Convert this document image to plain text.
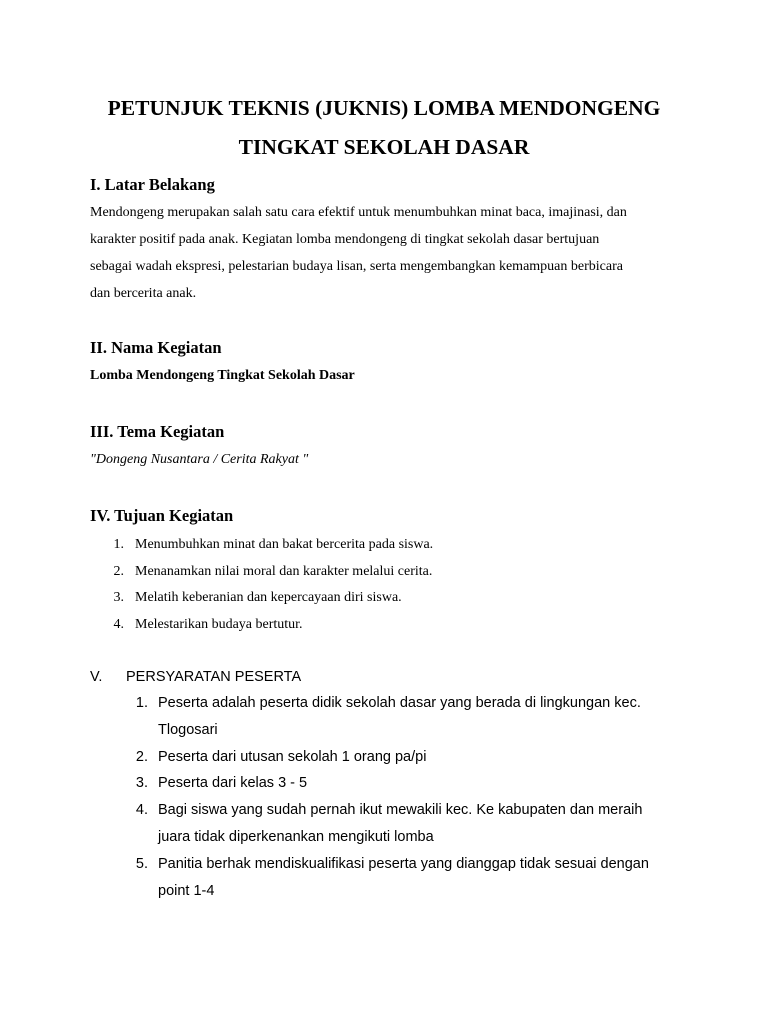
PETUNJUK TEKNIS (JUKNIS) LOMBA MENDONGENG
TINGKAT SEKOLAH DASAR
I. Latar Belakang

Mendongeng merupakan salah satu cara efektif untuk menumbuhkan minat baca, imajinasi, dan
karakter positif pada anak. Kegiatan lomba mendongeng di tingkat sekolah dasar bertujuan
sebagai wadah ekspresi, pelestarian budaya lisan, serta mengembangkan kemampuan berbicara
dan bercerita anak.

II. Nama Kegiatan

Lomba Mendongeng Tingkat Sekolah Dasar

III. Tema Kegiatan

"Dongeng Nusantara / Cerita Rakyat "

IV. Tujuan Kegiatan
1. Menumbuhkan minat dan bakat bercerita pada siswa.
2. Menanamkan nilai moral dan karakter melalui cerita.
3. Melatih keberanian dan kepercayaan diri siswa.
4. Melestarikan budaya bertutur.
V. PERSYARATAN PESERTA
1. Peserta adalah peserta didik sekolah dasar yang berada di lingkungan kec.
Tlogosari
2. Peserta dari utusan sekolah 1 orang pa/pi
3. Peserta dari kelas 3 - 5
4. Bagi siswa yang sudah pernah ikut mewakili kec. Ke kabupaten dan meraih
juara tidak diperkenankan mengikuti lomba
5. Panitia berhak mendiskualifikasi peserta yang dianggap tidak sesuai dengan
point 1-4
